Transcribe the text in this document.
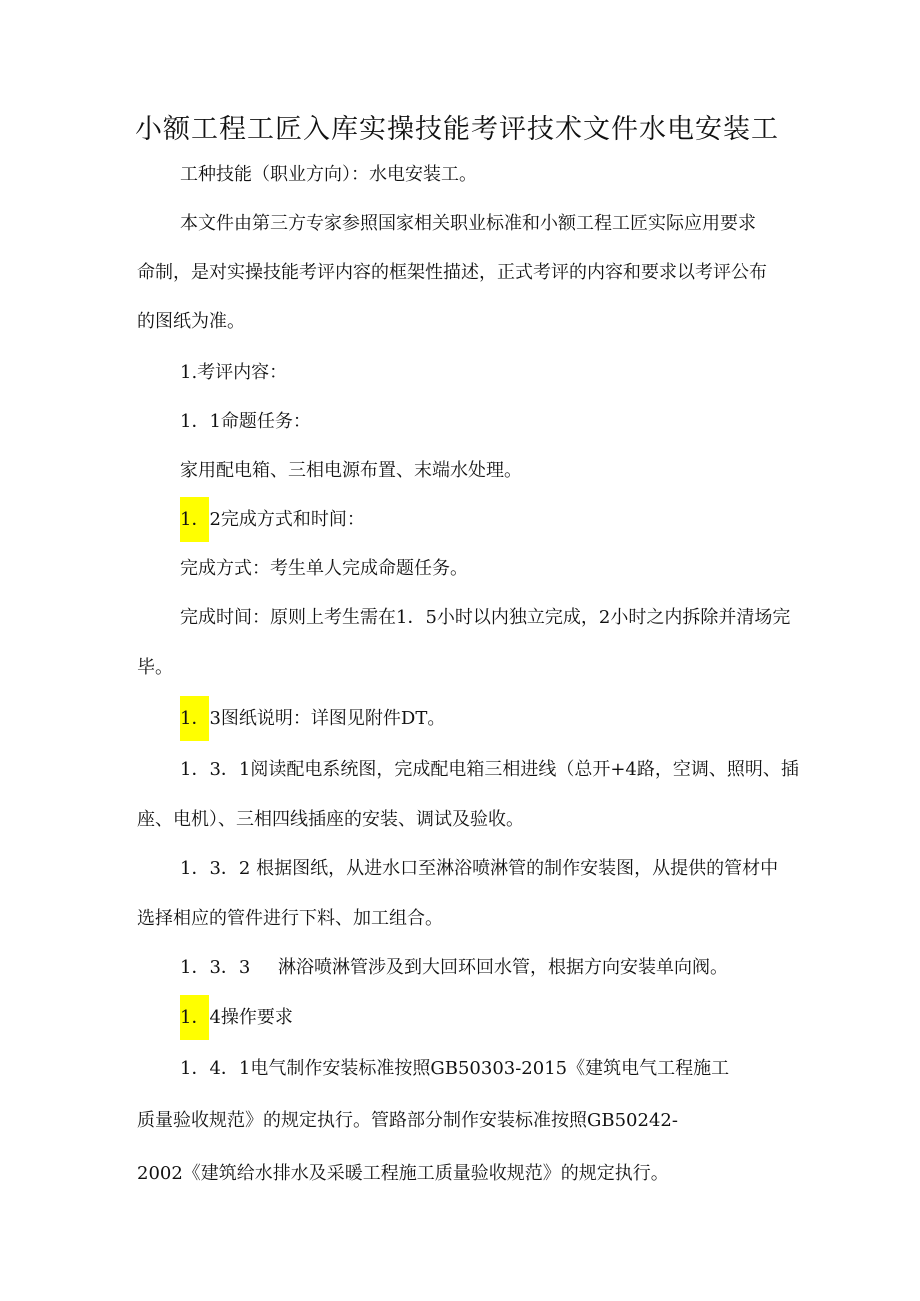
小额工程工匠入库实操技能考评技术文件水电安装工
工种技能（职业方向）：水电安装工。
本文件由第三方专家参照国家相关职业标准和小额工程工匠实际应用要求
命制，是对实操技能考评内容的框架性描述，正式考评的内容和要求以考评公布
的图纸为准。
1.考评内容：
1．1命题任务：
家用配电箱、三相电源布置、末端水处理。
1．2完成方式和时间：
完成方式：考生单人完成命题任务。
完成时间：原则上考生需在1．5小时以内独立完成，2小时之内拆除并清场完
毕。
1．3图纸说明：详图见附件DT。
1．3．1阅读配电系统图，完成配电箱三相进线（总开+4路，空调、照明、插
座、电机）、三相四线插座的安装、调试及验收。
1．3．2 根据图纸，从进水口至淋浴喷淋管的制作安装图，从提供的管材中
选择相应的管件进行下料、加工组合。
1．3．3 淋浴喷淋管涉及到大回环回水管，根据方向安装单向阀。
1．4操作要求
1．4．1电气制作安装标准按照GB50303-2015《建筑电气工程施工
质量验收规范》的规定执行。管路部分制作安装标准按照GB50242-
2002《建筑给水排水及采暖工程施工质量验收规范》的规定执行。
